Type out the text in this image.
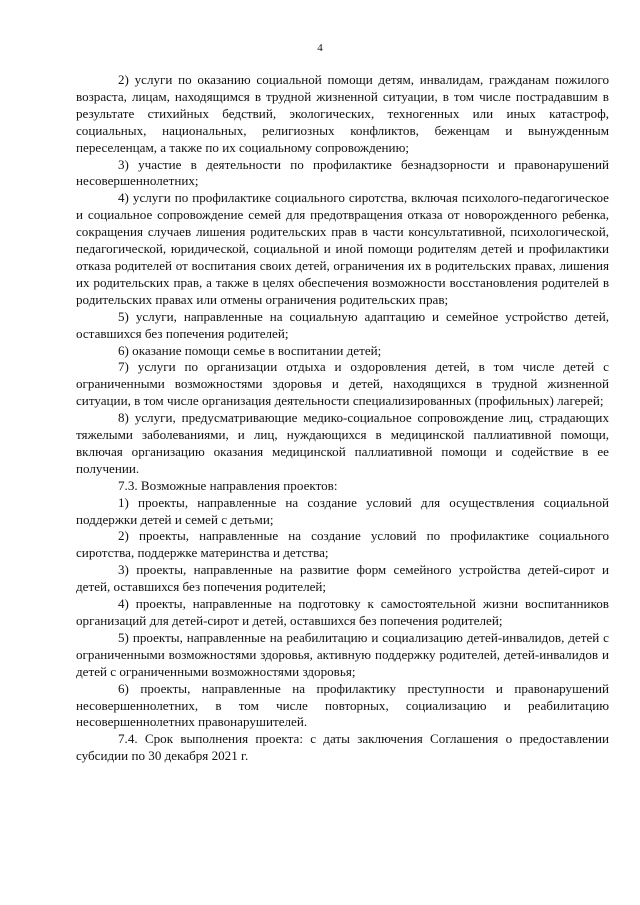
4

2) услуги по оказанию социальной помощи детям, инвалидам, гражданам пожилого возраста, лицам, находящимся в трудной жизненной ситуации, в том числе пострадавшим в результате стихийных бедствий, экологических, техногенных или иных катастроф, социальных, национальных, религиозных конфликтов, беженцам и вынужденным переселенцам, а также по их социальному сопровождению;

3) участие в деятельности по профилактике безнадзорности и правонарушений несовершеннолетних;

4) услуги по профилактике социального сиротства, включая психолого-педагогическое и социальное сопровождение семей для предотвращения отказа от новорожденного ребенка, сокращения случаев лишения родительских прав в части консультативной, психологической, педагогической, юридической, социальной и иной помощи родителям детей и профилактики отказа родителей от воспитания своих детей, ограничения их в родительских правах, лишения их родительских прав, а также в целях обеспечения возможности восстановления родителей в родительских правах или отмены ограничения родительских прав;

5) услуги, направленные на социальную адаптацию и семейное устройство детей, оставшихся без попечения родителей;

6) оказание помощи семье в воспитании детей;

7) услуги по организации отдыха и оздоровления детей, в том числе детей с ограниченными возможностями здоровья и детей, находящихся в трудной жизненной ситуации, в том числе организация деятельности специализированных (профильных) лагерей;

8) услуги, предусматривающие медико-социальное сопровождение лиц, страдающих тяжелыми заболеваниями, и лиц, нуждающихся в медицинской паллиативной помощи, включая организацию оказания медицинской паллиативной помощи и содействие в ее получении.

7.3. Возможные направления проектов:

1) проекты, направленные на создание условий для осуществления социальной поддержки детей и семей с детьми;

2) проекты, направленные на создание условий по профилактике социального сиротства, поддержке материнства и детства;

3) проекты, направленные на развитие форм семейного устройства детей-сирот и детей, оставшихся без попечения родителей;

4) проекты, направленные на подготовку к самостоятельной жизни воспитанников организаций для детей-сирот и детей, оставшихся без попечения родителей;

5) проекты, направленные на реабилитацию и социализацию детей-инвалидов, детей с ограниченными возможностями здоровья, активную поддержку родителей, детей-инвалидов и детей с ограниченными возможностями здоровья;

6) проекты, направленные на профилактику преступности и правонарушений несовершеннолетних, в том числе повторных, социализацию и реабилитацию несовершеннолетних правонарушителей.

7.4. Срок выполнения проекта: с даты заключения Соглашения о предоставлении субсидии по 30 декабря 2021 г.
